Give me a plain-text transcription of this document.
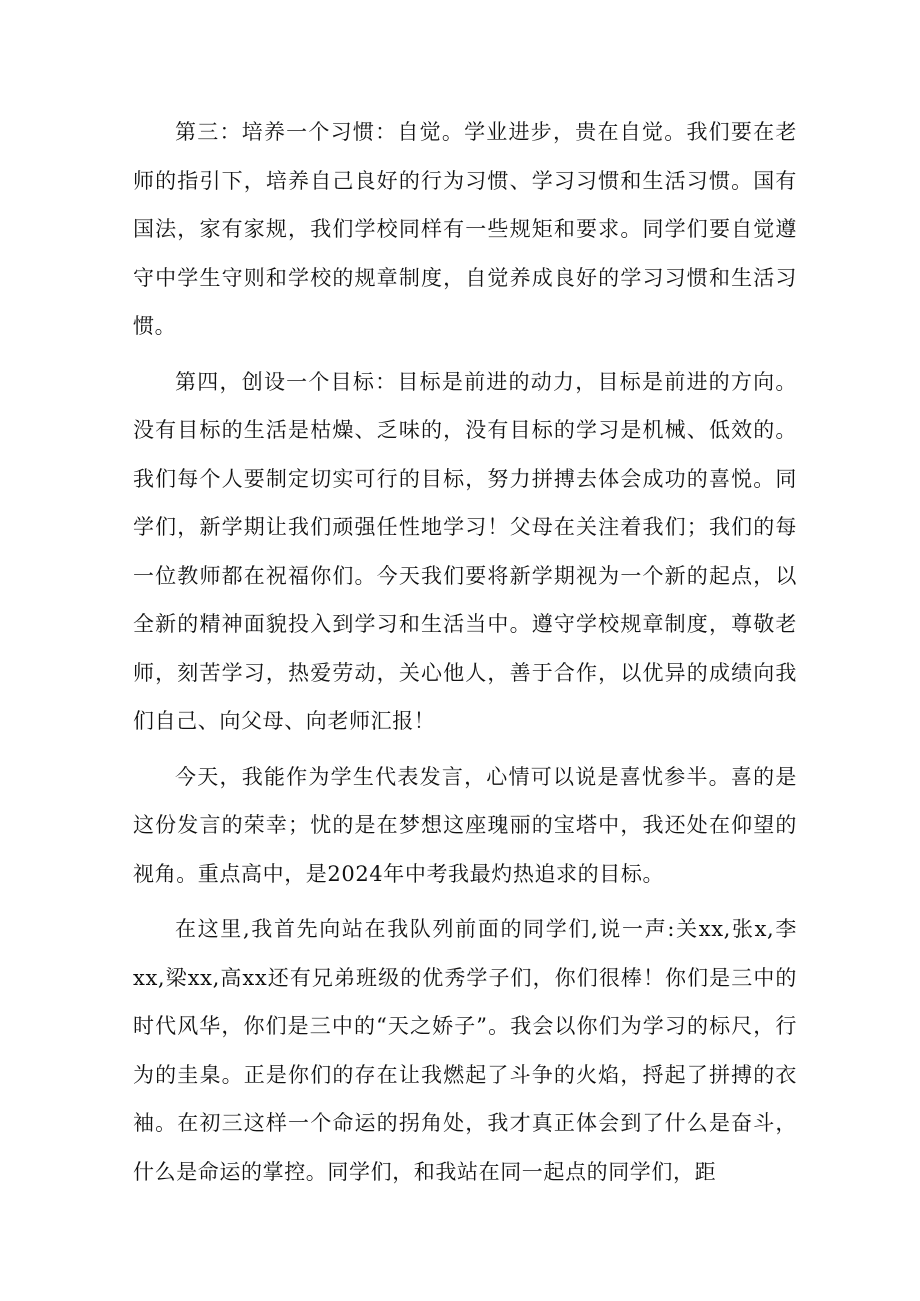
第三：培养一个习惯：自觉。学业进步，贵在自觉。我们要在老师的指引下，培养自己良好的行为习惯、学习习惯和生活习惯。国有国法，家有家规，我们学校同样有一些规矩和要求。同学们要自觉遵守中学生守则和学校的规章制度，自觉养成良好的学习习惯和生活习惯。

第四，创设一个目标：目标是前进的动力，目标是前进的方向。没有目标的生活是枯燥、乏味的，没有目标的学习是机械、低效的。我们每个人要制定切实可行的目标，努力拼搏去体会成功的喜悦。同学们，新学期让我们顽强任性地学习！父母在关注着我们；我们的每一位教师都在祝福你们。今天我们要将新学期视为一个新的起点，以全新的精神面貌投入到学习和生活当中。遵守学校规章制度，尊敬老师，刻苦学习，热爱劳动，关心他人，善于合作，以优异的成绩向我们自己、向父母、向老师汇报！

今天，我能作为学生代表发言，心情可以说是喜忧参半。喜的是这份发言的荣幸；忧的是在梦想这座瑰丽的宝塔中，我还处在仰望的视角。重点高中，是2024年中考我最灼热追求的目标。

在这里,我首先向站在我队列前面的同学们,说一声:关xx,张x,李xx,梁xx,高xx还有兄弟班级的优秀学子们，你们很棒！你们是三中的时代风华，你们是三中的“天之娇子”。我会以你们为学习的标尺，行为的圭臬。正是你们的存在让我燃起了斗争的火焰，捋起了拼搏的衣袖。在初三这样一个命运的拐角处，我才真正体会到了什么是奋斗，什么是命运的掌控。同学们，和我站在同一起点的同学们，距
